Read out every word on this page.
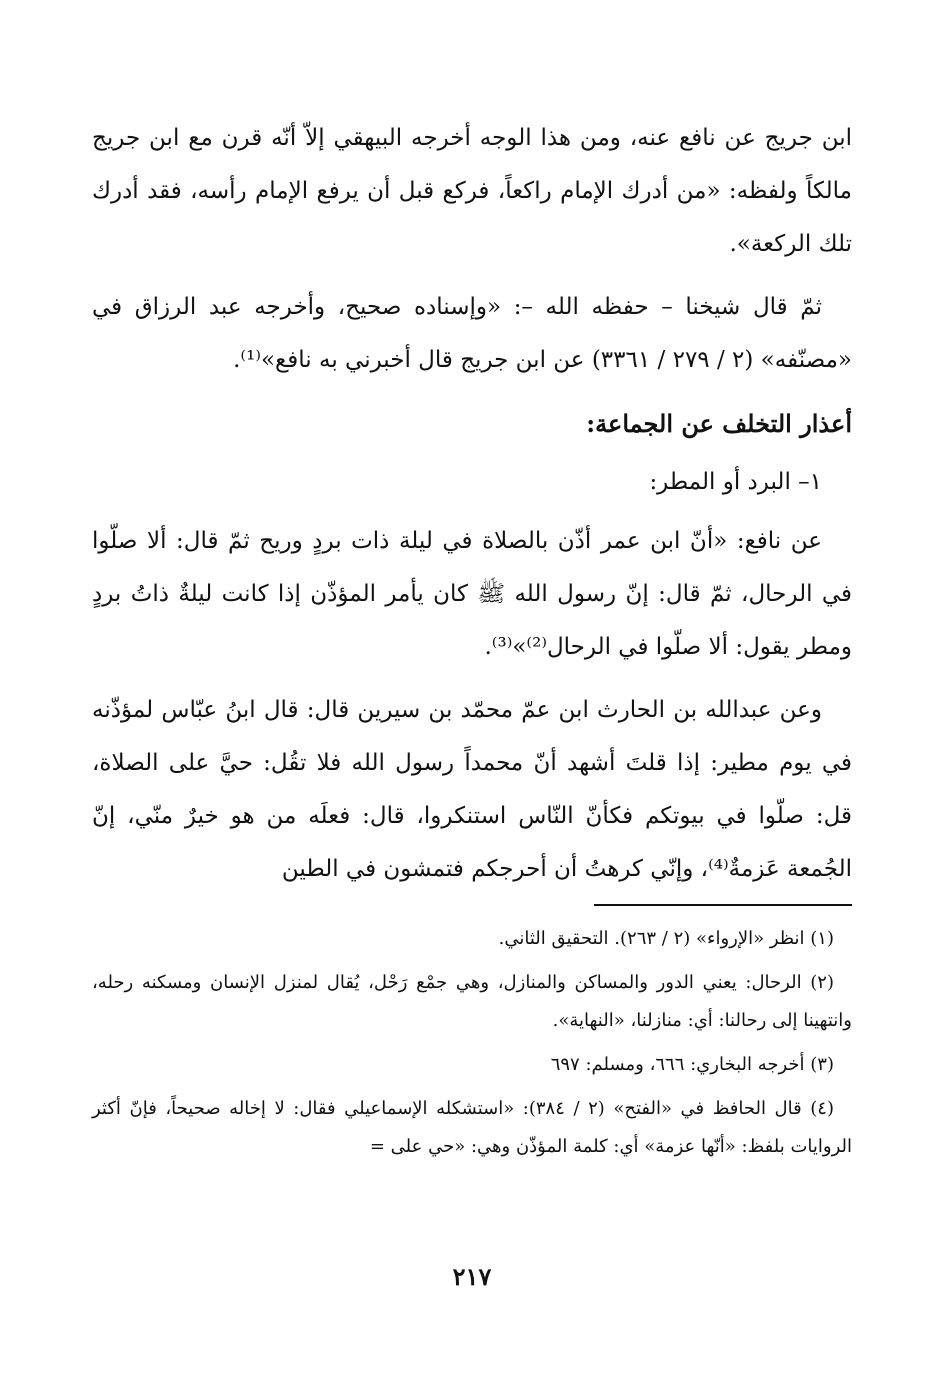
ابن جريج عن نافع عنه، ومن هذا الوجه أخرجه البيهقي إلاّ أنّه قرن مع ابن جريج مالكاً ولفظه: «من أدرك الإمام راكعاً، فركع قبل أن يرفع الإمام رأسه، فقد أدرك تلك الركعة».

ثمّ قال شيخنا – حفظه الله –: «وإسناده صحيح، وأخرجه عبد الرزاق في «مصنّفه» (٢ / ٢٧٩ / ٣٣٦١) عن ابن جريج قال أخبرني به نافع»⁽¹⁾.

أعذار التخلف عن الجماعة:

١– البرد أو المطر:

عن نافع: «أنّ ابن عمر أذّن بالصلاة في ليلة ذات بردٍ وريح ثمّ قال: ألا صلّوا في الرحال، ثمّ قال: إنّ رسول الله ﷺ كان يأمر المؤذّن إذا كانت ليلةٌ ذاتُ بردٍ ومطر يقول: ألا صلّوا في الرحال⁽²⁾»⁽³⁾.

وعن عبدالله بن الحارث ابن عمّ محمّد بن سيرين قال: قال ابنُ عبّاس لمؤذّنه في يوم مطير: إذا قلتَ أشهد أنّ محمداً رسول الله فلا تقُل: حيَّ على الصلاة، قل: صلّوا في بيوتكم فكأنّ النّاس استنكروا، قال: فعلَه من هو خيرٌ منّي، إنّ الجُمعة عَزمةٌ⁽⁴⁾، وإنّي كرهتُ أن أحرجكم فتمشون في الطين

(١) انظر «الإرواء» (٢ / ٢٦٣). التحقيق الثاني.

(٢) الرحال: يعني الدور والمساكن والمنازل، وهي جمْع رَحْل، يُقال لمنزل الإنسان ومسكنه رحله، وانتهينا إلى رحالنا: أي: منازلنا، «النهاية».

(٣) أخرجه البخاري: ٦٦٦، ومسلم: ٦٩٧

(٤) قال الحافظ في «الفتح» (٢ / ٣٨٤): «استشكله الإسماعيلي فقال: لا إخاله صحيحاً، فإنّ أكثر الروايات بلفظ: «أنّها عزمة» أي: كلمة المؤذّن وهي: «حي على =

٢١٧
